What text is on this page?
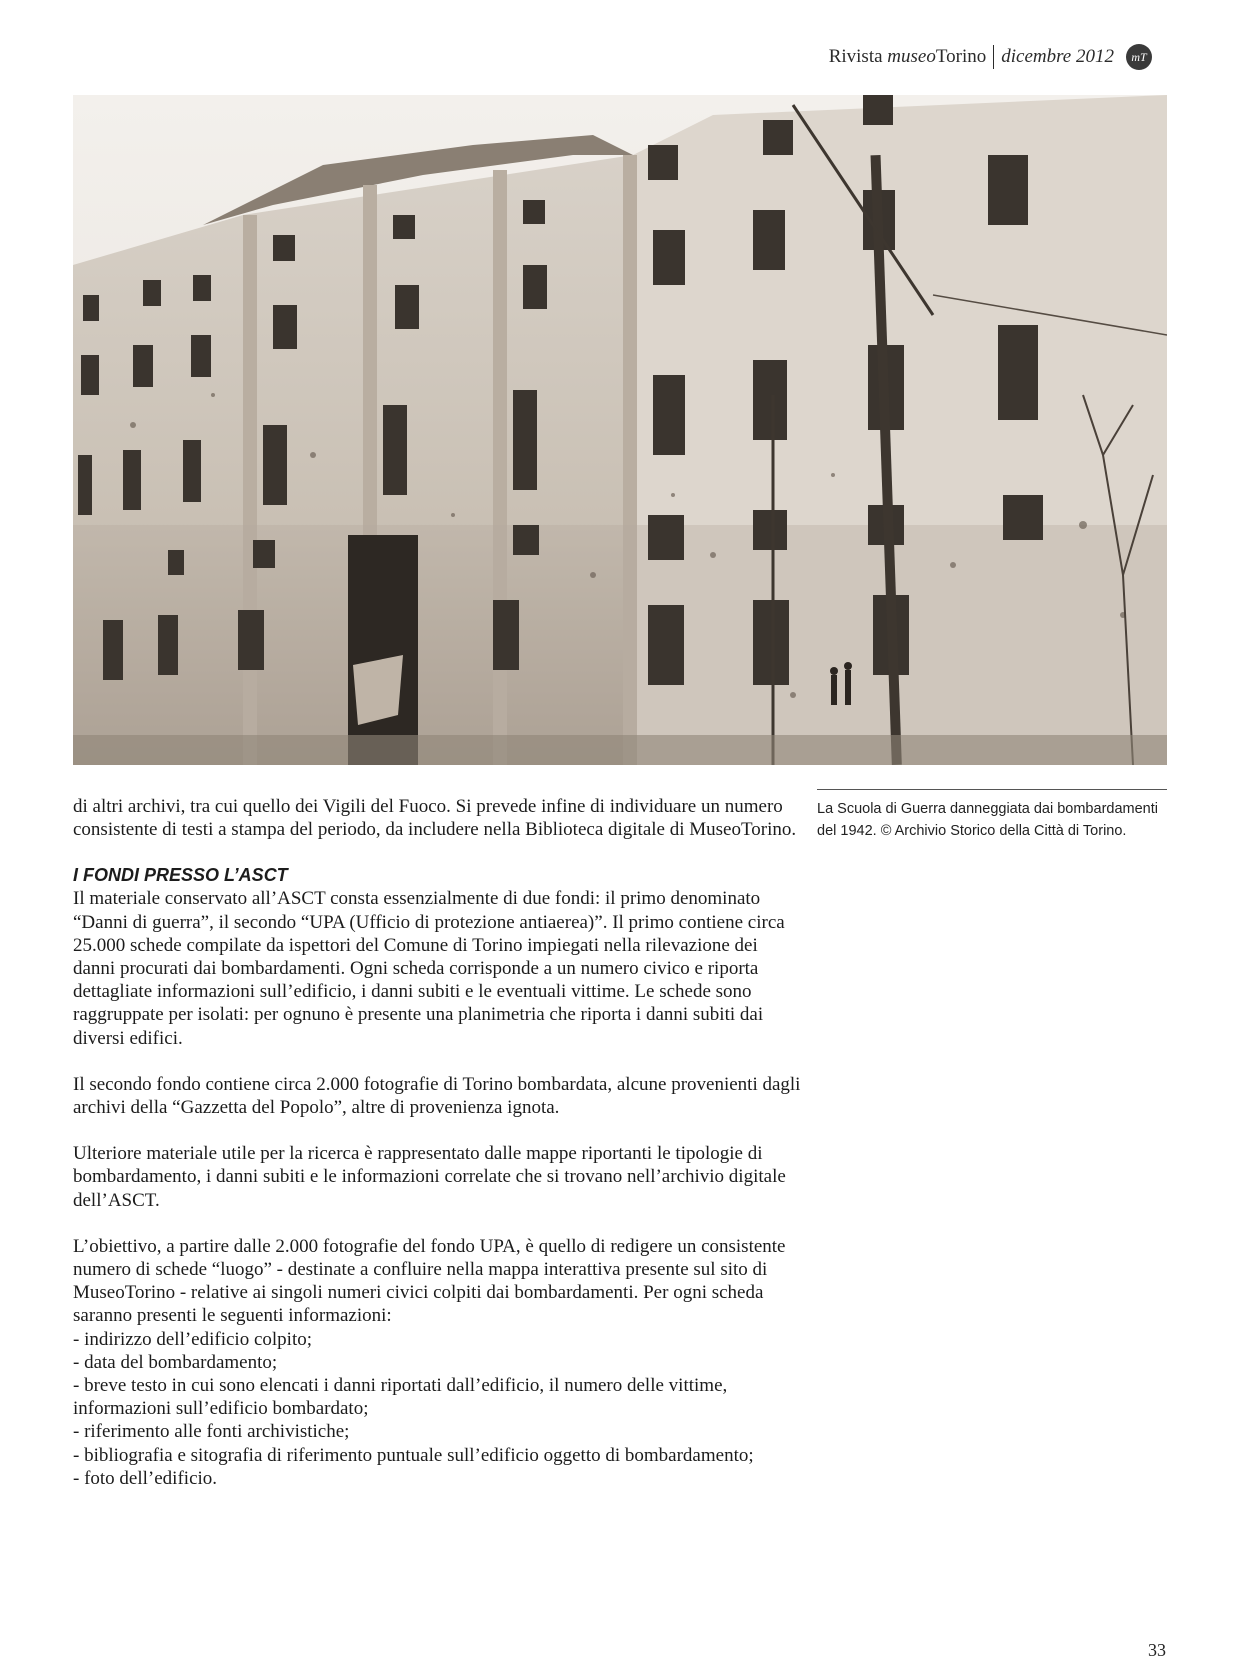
Rivista museoTorino dicembre 2012	mT
La Scuola di Guerra danneggiata dai bombardamenti del 1942. © Archivio Storico della Città di Torino.

di altri archivi, tra cui quello dei Vigili del Fuoco. Si prevede infine di individuare un numero consistente di testi a stampa del periodo, da includere nella Biblioteca digitale di MuseoTorino.

I FONDI PRESSO L’ASCT

Il materiale conservato all’ASCT consta essenzialmente di due fondi: il primo denominato “Danni di guerra”, il secondo “UPA (Ufficio di protezione antiaerea)”. Il primo contiene circa 25.000 schede compilate da ispettori del Comune di Torino impiegati nella rilevazione dei danni procurati dai bombardamenti. Ogni scheda corrisponde a un numero civico e riporta dettagliate informazioni sull’edificio, i danni subiti e le eventuali vittime. Le schede sono raggruppate per isolati: per ognuno è presente una planimetria che riporta i danni subiti dai diversi edifici.

Il secondo fondo contiene circa 2.000 fotografie di Torino bombardata, alcune provenienti dagli archivi della “Gazzetta del Popolo”, altre di provenienza ignota.

Ulteriore materiale utile per la ricerca è rappresentato dalle mappe riportanti le tipologie di bombardamento, i danni subiti e le informazioni correlate che si trovano nell’archivio digitale dell’ASCT.

L’obiettivo, a partire dalle 2.000 fotografie del fondo UPA, è quello di redigere un consistente numero di schede “luogo” - destinate a confluire nella mappa interattiva presente sul sito di MuseoTorino - relative ai singoli numeri civici colpiti dai bombardamenti. Per ogni scheda saranno presenti le seguenti informazioni:

- indirizzo dell’edificio colpito;
- data del bombardamento;
- breve testo in cui sono elencati i danni riportati dall’edificio, il numero delle vittime, informazioni sull’edificio bombardato;
- riferimento alle fonti archivistiche;
- bibliografia e sitografia di riferimento puntuale sull’edificio oggetto di bombardamento;
- foto dell’edificio.
33
